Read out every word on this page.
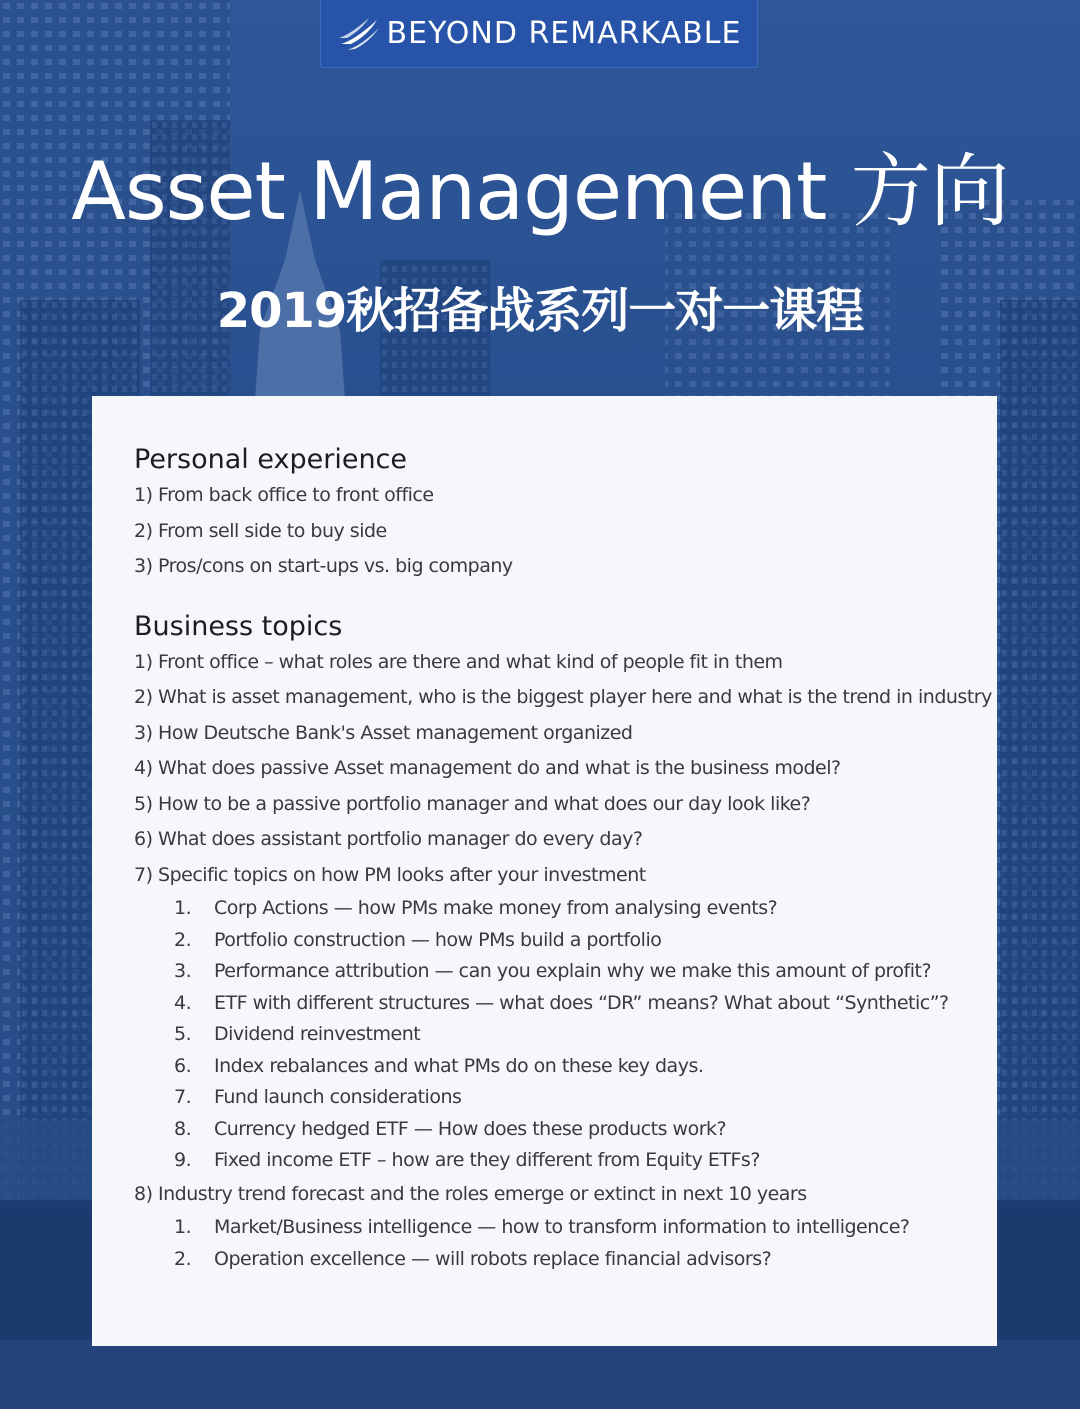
BEYOND REMARKABLE
Asset Management 方向
2019秋招备战系列一对一课程
Personal experience
1) From back office to front office
2) From sell side to buy side
3) Pros/cons on start-ups vs. big company
Business topics
1) Front office – what roles are there and what kind of people fit in them
2) What is asset management, who is the biggest player here and what is the trend in industry
3) How Deutsche Bank's Asset management organized
4) What does passive Asset management do and what is the business model?
5) How to be a passive portfolio manager and what does our day look like?
6) What does assistant portfolio manager do every day?
7) Specific topics on how PM looks after your investment
1.	Corp Actions — how PMs make money from analysing events?
2.	Portfolio construction — how PMs build a portfolio
3.	Performance attribution — can you explain why we make this amount of profit?
4.	ETF with different structures — what does “DR” means? What about “Synthetic”?
5.	Dividend reinvestment
6.	Index rebalances and what PMs do on these key days.
7.	Fund launch considerations
8.	Currency hedged ETF — How does these products work?
9.	Fixed income ETF – how are they different from Equity ETFs?
8) Industry trend forecast and the roles emerge or extinct in next 10 years
1.	Market/Business intelligence — how to transform information to intelligence?
2.	Operation excellence — will robots replace financial advisors?
